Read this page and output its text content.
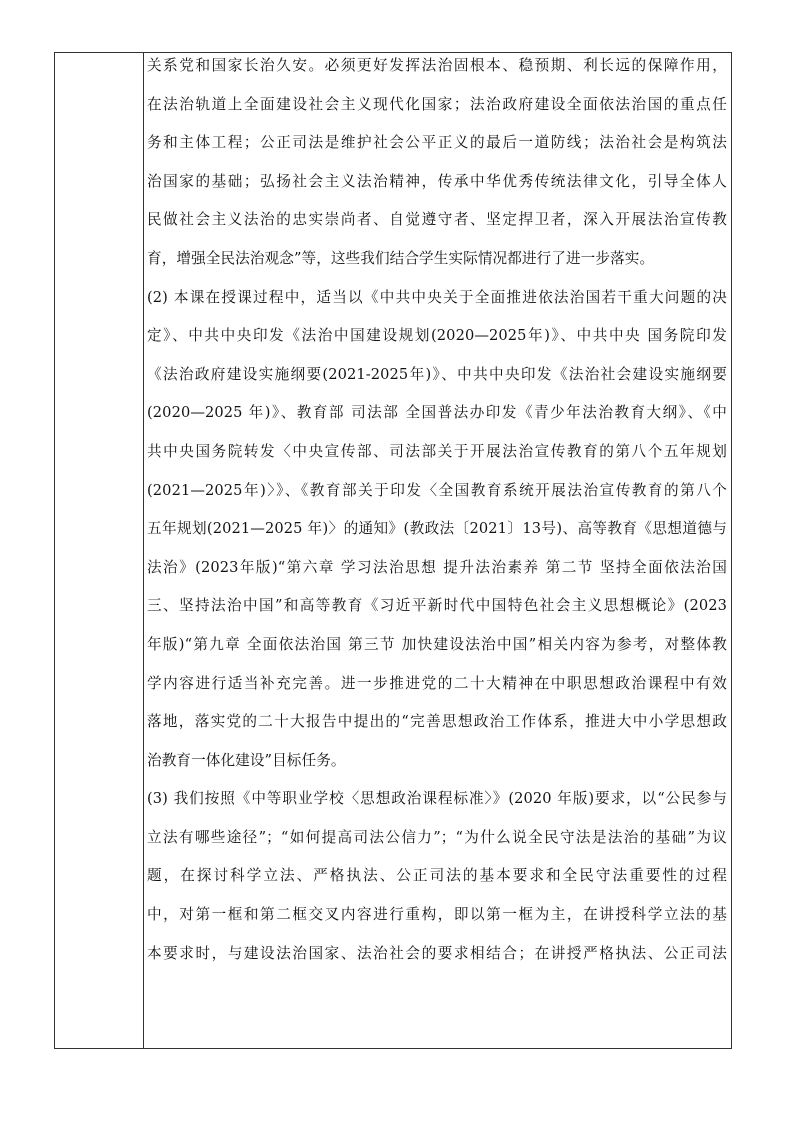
关系党和国家长治久安。必须更好发挥法治固根本、稳预期、利长远的保障作用，
在法治轨道上全面建设社会主义现代化国家；法治政府建设全面依法治国的重点任
务和主体工程；公正司法是维护社会公平正义的最后一道防线；法治社会是构筑法
治国家的基础；弘扬社会主义法治精神，传承中华优秀传统法律文化，引导全体人
民做社会主义法治的忠实崇尚者、自觉遵守者、坚定捍卫者，深入开展法治宣传教
育，增强全民法治观念”等，这些我们结合学生实际情况都进行了进一步落实。
(2) 本课在授课过程中，适当以《中共中央关于全面推进依法治国若干重大问题的决
定》、中共中央印发《法治中国建设规划(2020—2025年)》、中共中央 国务院印发
《法治政府建设实施纲要(2021-2025年)》、中共中央印发《法治社会建设实施纲要
(2020—2025 年)》、教育部 司法部 全国普法办印发《青少年法治教育大纲》、《中
共中央国务院转发〈中央宣传部、司法部关于开展法治宣传教育的第八个五年规划
(2021—2025年)〉》、《教育部关于印发〈全国教育系统开展法治宣传教育的第八个
五年规划(2021—2025 年)〉的通知》(教政法〔2021〕13号)、高等教育《思想道德与
法治》(2023年版)“第六章 学习法治思想 提升法治素养 第二节 坚持全面依法治国
三、坚持法治中国”和高等教育《习近平新时代中国特色社会主义思想概论》(2023
年版)“第九章 全面依法治国 第三节 加快建设法治中国”相关内容为参考，对整体教
学内容进行适当补充完善。进一步推进党的二十大精神在中职思想政治课程中有效
落地，落实党的二十大报告中提出的“完善思想政治工作体系，推进大中小学思想政
治教育一体化建设”目标任务。
(3) 我们按照《中等职业学校〈思想政治课程标准〉》(2020 年版)要求，以“公民参与
立法有哪些途径”；“如何提高司法公信力”；“为什么说全民守法是法治的基础”为议
题，在探讨科学立法、严格执法、公正司法的基本要求和全民守法重要性的过程
中，对第一框和第二框交叉内容进行重构，即以第一框为主，在讲授科学立法的基
本要求时，与建设法治国家、法治社会的要求相结合；在讲授严格执法、公正司法
